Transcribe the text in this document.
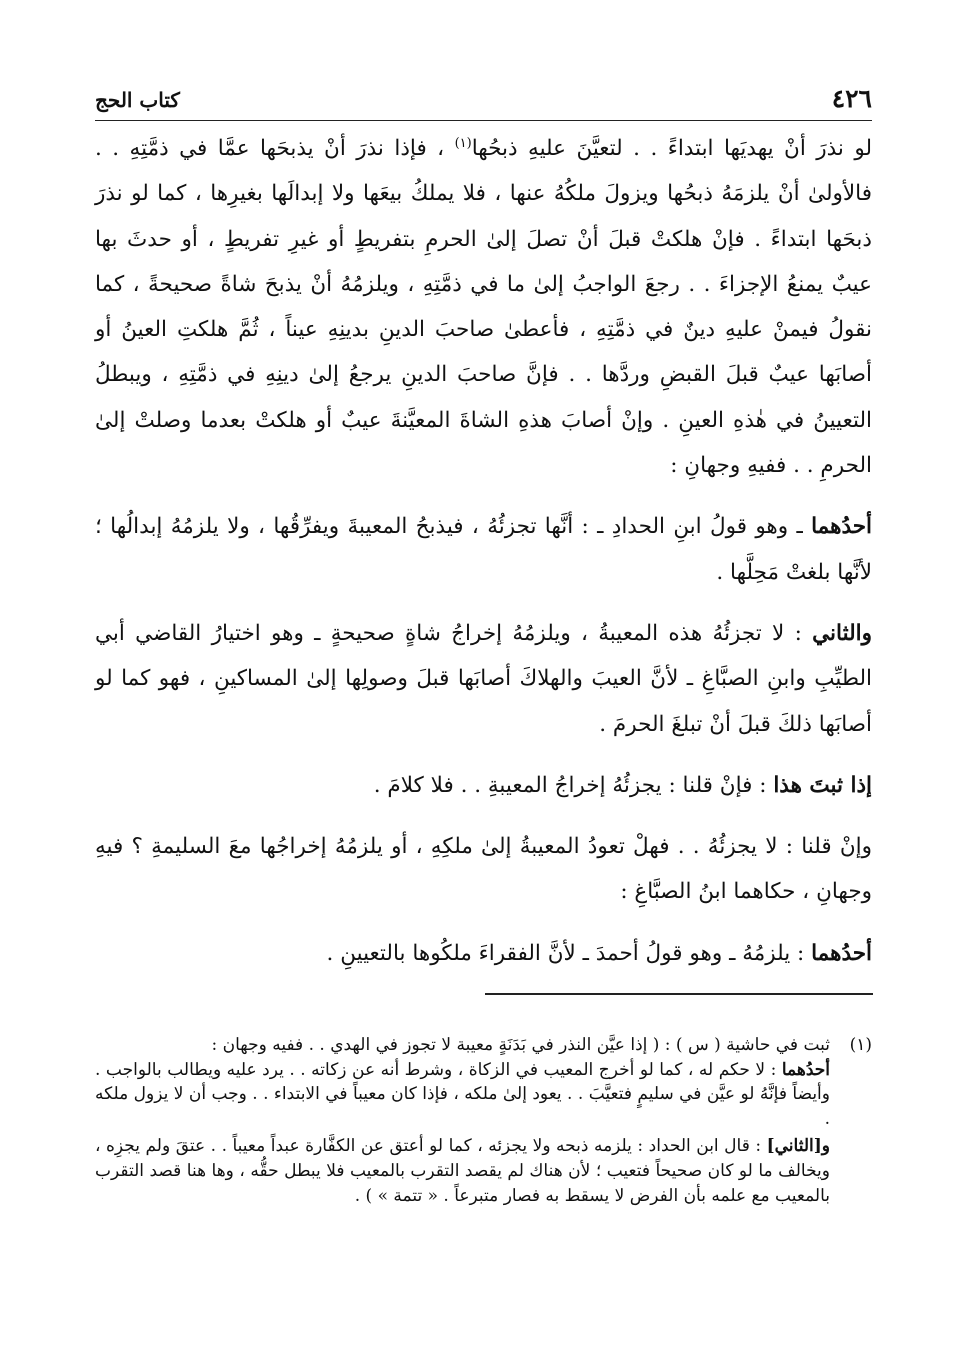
كتاب الحج	٤٢٦

لو نذرَ أنْ يهديَها ابتداءً . . لتعيَّنَ عليهِ ذبحُها$^{(١)}$ ، فإذا نذرَ أنْ يذبحَها عمَّا في ذمَّتِهِ . . فالأولىٰ أنْ يلزمَهُ ذبحُها ويزولَ ملكُهُ عنها ، فلا يملكُ بيعَها ولا إبدالَها بغيرِها ، كما لو نذرَ ذبحَها ابتداءً . فإنْ هلكتْ قبلَ أنْ تصلَ إلىٰ الحرمِ بتفريطٍ أو غيرِ تفريطٍ ، أو حدثَ بها عيبٌ يمنعُ الإجزاءَ . . رجعَ الواجبُ إلىٰ ما في ذمَّتِهِ ، ويلزمُهُ أنْ يذبحَ شاةً صحيحةً ، كما نقولُ فيمنْ عليهِ دينٌ في ذمَّتِهِ ، فأعطىٰ صاحبَ الدينِ بدينِهِ عيناً ، ثُمَّ هلكتِ العينُ أو أصابَها عيبٌ قبلَ القبضِ وردَّها . . فإنَّ صاحبَ الدينِ يرجعُ إلىٰ دينِهِ في ذمَّتِهِ ، ويبطلُ التعيينُ في هٰذهِ العينِ . وإنْ أصابَ هذهِ الشاةَ المعيَّنةَ عيبٌ أو هلكتْ بعدما وصلتْ إلىٰ الحرمِ . . ففيهِ وجهانِ :

أحدُهما ـ وهو قولُ ابنِ الحدادِ ـ : أنَّها تجزئُهُ ، فيذبحُ المعيبةَ ويفرِّقُها ، ولا يلزمُهُ إبدالُها ؛ لأنَّها بلغتْ مَحِلَّها .

والثاني : لا تجزئُهُ هذه المعيبةُ ، ويلزمُهُ إخراجُ شاةٍ صحيحةٍ ـ وهو اختيارُ القاضي أبي الطيِّبِ وابنِ الصبَّاغِ ـ لأنَّ العيبَ والهلاكَ أصابَها قبلَ وصولِها إلىٰ المساكينِ ، فهو كما لو أصابَها ذلكَ قبلَ أنْ تبلغَ الحرمَ .

إذا ثبتَ هذا : فإنْ قلنا : يجزئُهُ إخراجُ المعيبةِ . . فلا كلامَ .

وإنْ قلنا : لا يجزئُهُ . . فهلْ تعودُ المعيبةُ إلىٰ ملكِهِ ، أو يلزمُهُ إخراجُها معَ السليمةِ ؟ فيهِ وجهانِ ، حكاهما ابنُ الصبَّاغِ :

أحدُهما : يلزمُهُ ـ وهو قولُ أحمدَ ـ لأنَّ الفقراءَ ملكُوها بالتعيينِ .

(١)

ثبت في حاشية ( س ) : ( إذا عيَّن النذر في بَدَنَةٍ معيبة لا تجوز في الهدي . . ففيه وجهان :

أحدُهما : لا حكم له ، كما لو أخرج المعيب في الزكاة ، وشرط أنه عن زكاته . . يرد عليه ويطالب بالواجب . وأيضاً فإنَّهُ لو عيَّن في سليمٍ فتعيَّبَ . . يعود إلىٰ ملكه ، فإذا كان معيباً في الابتداء . . وجب أن لا يزول ملكه .

و[الثاني] : قال ابن الحداد : يلزمه ذبحه ولا يجزئه ، كما لو أعتق عن الكفَّارة عبداً معيباً . . عتقَ ولم يجزِه ، ويخالف ما لو كان صحيحاً فتعيب ؛ لأن هناك لم يقصد التقرب بالمعيب فلا يبطل حقُّه ، وها هنا قصد التقرب بالمعيب مع علمه بأن الفرض لا يسقط به فصار متبرعاً . « تتمة » ) .
